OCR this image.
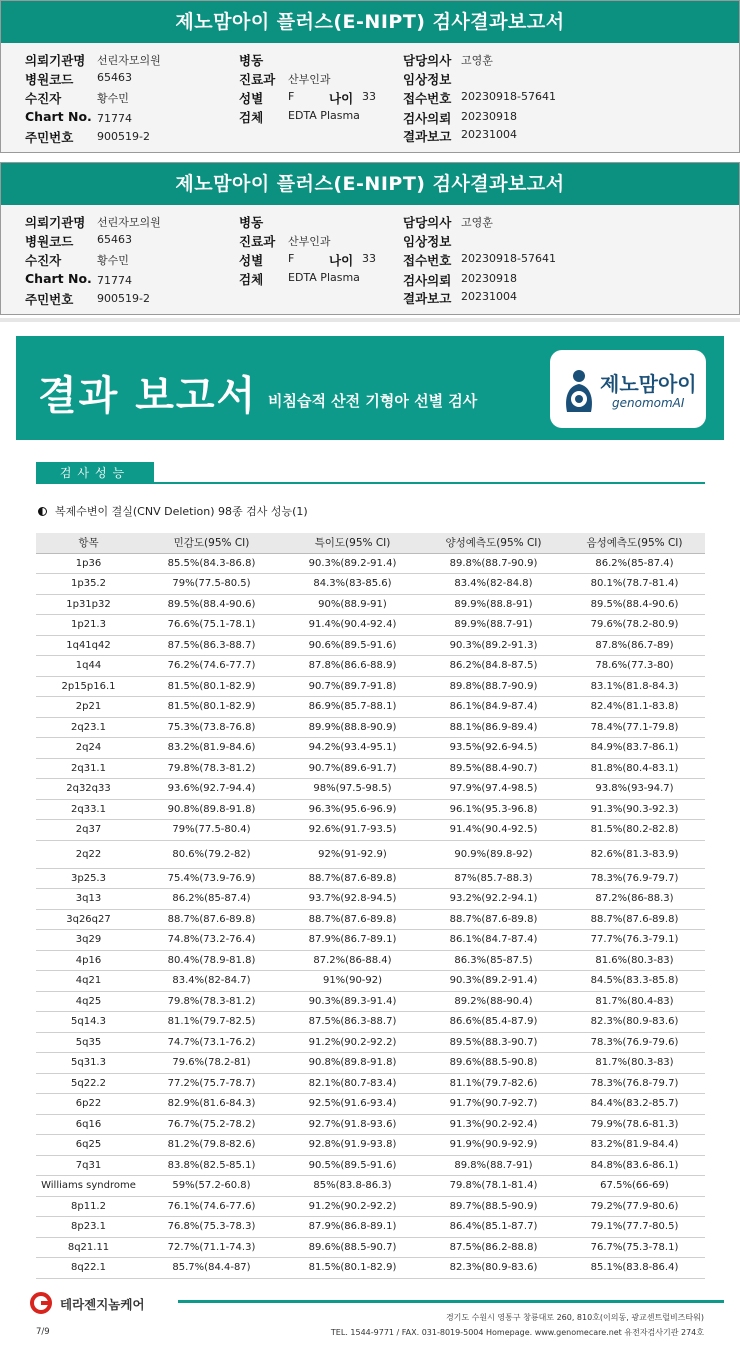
제노맘아이 플러스(E-NIPT) 검사결과보고서
의뢰기관명 선린자모의원
병원코드 65463
수진자	황수민
Chart No. 71774
주민번호 900519-2
병동
진료과 산부인과
성별 F	나이 33
검체 EDTA Plasma
담당의사 고영훈
임상정보
접수번호 20230918-57641
검사의뢰 20230918
결과보고 20231004
제노맘아이 플러스(E-NIPT) 검사결과보고서
의뢰기관명 선린자모의원
병원코드 65463
수진자	황수민
Chart No. 71774
주민번호 900519-2
병동
진료과 산부인과
성별 F	나이 33
검체 EDTA Plasma
담당의사 고영훈
임상정보
접수번호 20230918-57641
검사의뢰 20230918
결과보고 20231004
결과 보고서 비침습적 산전 기형아 선별 검사
제노맘아이
genomomAI
검사성능
복제수변이 결실(CNV Deletion) 98종 검사 성능(1)
항목	민감도(95% CI)	특이도(95% CI)	양성예측도(95% CI)	음성예측도(95% CI)
1p36	85.5%(84.3-86.8)	90.3%(89.2-91.4)	89.8%(88.7-90.9)	86.2%(85-87.4)
1p35.2	79%(77.5-80.5)	84.3%(83-85.6)	83.4%(82-84.8)	80.1%(78.7-81.4)
1p31p32	89.5%(88.4-90.6)	90%(88.9-91)	89.9%(88.8-91)	89.5%(88.4-90.6)
1p21.3	76.6%(75.1-78.1)	91.4%(90.4-92.4)	89.9%(88.7-91)	79.6%(78.2-80.9)
1q41q42	87.5%(86.3-88.7)	90.6%(89.5-91.6)	90.3%(89.2-91.3)	87.8%(86.7-89)
1q44	76.2%(74.6-77.7)	87.8%(86.6-88.9)	86.2%(84.8-87.5)	78.6%(77.3-80)
2p15p16.1	81.5%(80.1-82.9)	90.7%(89.7-91.8)	89.8%(88.7-90.9)	83.1%(81.8-84.3)
2p21	81.5%(80.1-82.9)	86.9%(85.7-88.1)	86.1%(84.9-87.4)	82.4%(81.1-83.8)
2q23.1	75.3%(73.8-76.8)	89.9%(88.8-90.9)	88.1%(86.9-89.4)	78.4%(77.1-79.8)
2q24	83.2%(81.9-84.6)	94.2%(93.4-95.1)	93.5%(92.6-94.5)	84.9%(83.7-86.1)
2q31.1	79.8%(78.3-81.2)	90.7%(89.6-91.7)	89.5%(88.4-90.7)	81.8%(80.4-83.1)
2q32q33	93.6%(92.7-94.4)	98%(97.5-98.5)	97.9%(97.4-98.5)	93.8%(93-94.7)
2q33.1	90.8%(89.8-91.8)	96.3%(95.6-96.9)	96.1%(95.3-96.8)	91.3%(90.3-92.3)
2q37	79%(77.5-80.4)	92.6%(91.7-93.5)	91.4%(90.4-92.5)	81.5%(80.2-82.8)
2q22	80.6%(79.2-82)	92%(91-92.9)	90.9%(89.8-92)	82.6%(81.3-83.9)
3p25.3	75.4%(73.9-76.9)	88.7%(87.6-89.8)	87%(85.7-88.3)	78.3%(76.9-79.7)
3q13	86.2%(85-87.4)	93.7%(92.8-94.5)	93.2%(92.2-94.1)	87.2%(86-88.3)
3q26q27	88.7%(87.6-89.8)	88.7%(87.6-89.8)	88.7%(87.6-89.8)	88.7%(87.6-89.8)
3q29	74.8%(73.2-76.4)	87.9%(86.7-89.1)	86.1%(84.7-87.4)	77.7%(76.3-79.1)
4p16	80.4%(78.9-81.8)	87.2%(86-88.4)	86.3%(85-87.5)	81.6%(80.3-83)
4q21	83.4%(82-84.7)	91%(90-92)	90.3%(89.2-91.4)	84.5%(83.3-85.8)
4q25	79.8%(78.3-81.2)	90.3%(89.3-91.4)	89.2%(88-90.4)	81.7%(80.4-83)
5q14.3	81.1%(79.7-82.5)	87.5%(86.3-88.7)	86.6%(85.4-87.9)	82.3%(80.9-83.6)
5q35	74.7%(73.1-76.2)	91.2%(90.2-92.2)	89.5%(88.3-90.7)	78.3%(76.9-79.6)
5q31.3	79.6%(78.2-81)	90.8%(89.8-91.8)	89.6%(88.5-90.8)	81.7%(80.3-83)
5q22.2	77.2%(75.7-78.7)	82.1%(80.7-83.4)	81.1%(79.7-82.6)	78.3%(76.8-79.7)
6p22	82.9%(81.6-84.3)	92.5%(91.6-93.4)	91.7%(90.7-92.7)	84.4%(83.2-85.7)
6q16	76.7%(75.2-78.2)	92.7%(91.8-93.6)	91.3%(90.2-92.4)	79.9%(78.6-81.3)
6q25	81.2%(79.8-82.6)	92.8%(91.9-93.8)	91.9%(90.9-92.9)	83.2%(81.9-84.4)
7q31	83.8%(82.5-85.1)	90.5%(89.5-91.6)	89.8%(88.7-91)	84.8%(83.6-86.1)
Williams syndrome	59%(57.2-60.8)	85%(83.8-86.3)	79.8%(78.1-81.4)	67.5%(66-69)
8p11.2	76.1%(74.6-77.6)	91.2%(90.2-92.2)	89.7%(88.5-90.9)	79.2%(77.9-80.6)
8p23.1	76.8%(75.3-78.3)	87.9%(86.8-89.1)	86.4%(85.1-87.7)	79.1%(77.7-80.5)
8q21.11	72.7%(71.1-74.3)	89.6%(88.5-90.7)	87.5%(86.2-88.8)	76.7%(75.3-78.1)
8q22.1	85.7%(84.4-87)	81.5%(80.1-82.9)	82.3%(80.9-83.6)	85.1%(83.8-86.4)
테라젠지놈케어
경기도 수원시 영통구 창룡대로 260, 810호(이의동, 광교센트럴비즈타워)
TEL. 1544-9771 / FAX. 031-8019-5004 Homepage. www.genomecare.net 유전자검사기관 274호
7/9
